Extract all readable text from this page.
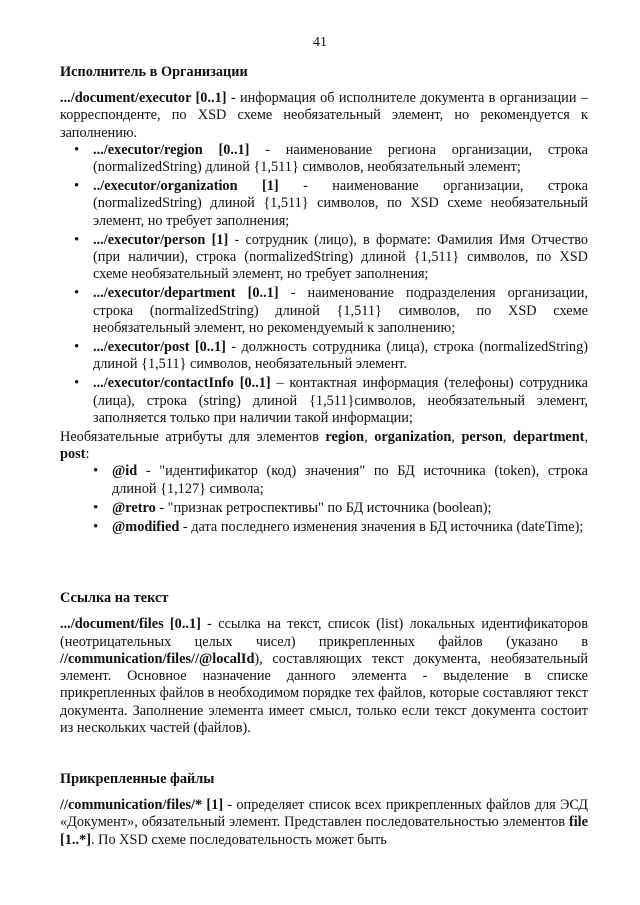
41

Исполнитель в Организации

.../document/executor [0..1] - информация об исполнителе документа в организации – корреспонденте, по XSD схеме необязательный элемент, но рекомендуется к заполнению.

• .../executor/region [0..1] - наименование региона организации, строка (normalizedString) длиной {1,511} символов, необязательный элемент;
• ../executor/organization [1] - наименование организации, строка (normalizedString) длиной {1,511} символов, по XSD схеме необязательный элемент, но требует заполнения;
• .../executor/person [1] - сотрудник (лицо), в формате: Фамилия Имя Отчество (при наличии), строка (normalizedString) длиной {1,511} символов, по XSD схеме необязательный элемент, но требует заполнения;
• .../executor/department [0..1] - наименование подразделения организации, строка (normalizedString) длиной {1,511} символов, по XSD схеме необязательный элемент, но рекомендуемый к заполнению;
• .../executor/post [0..1] - должность сотрудника (лица), строка (normalizedString) длиной {1,511} символов, необязательный элемент.
• .../executor/contactInfo [0..1] – контактная информация (телефоны) сотрудника (лица), строка (string) длиной {1,511}символов, необязательный элемент, заполняется только при наличии такой информации;

Необязательные атрибуты для элементов region, organization, person, department, post:

• @id - "идентификатор (код) значения" по БД источника (token), строка длиной {1,127} символа;
• @retro - "признак ретроспективы" по БД источника (boolean);
• @modified - дата последнего изменения значения в БД источника (dateTime);

Ссылка на текст

.../document/files [0..1] - ссылка на текст, список (list) локальных идентификаторов (неотрицательных целых чисел) прикрепленных файлов (указано в //communication/files//@localId), составляющих текст документа, необязательный элемент. Основное назначение данного элемента - выделение в списке прикрепленных файлов в необходимом порядке тех файлов, которые составляют текст документа. Заполнение элемента имеет смысл, только если текст документа состоит из нескольких частей (файлов).

Прикрепленные файлы

//communication/files/* [1] - определяет список всех прикрепленных файлов для ЭСД «Документ», обязательный элемент. Представлен последовательностью элементов file [1..*]. По XSD схеме последовательность может быть
